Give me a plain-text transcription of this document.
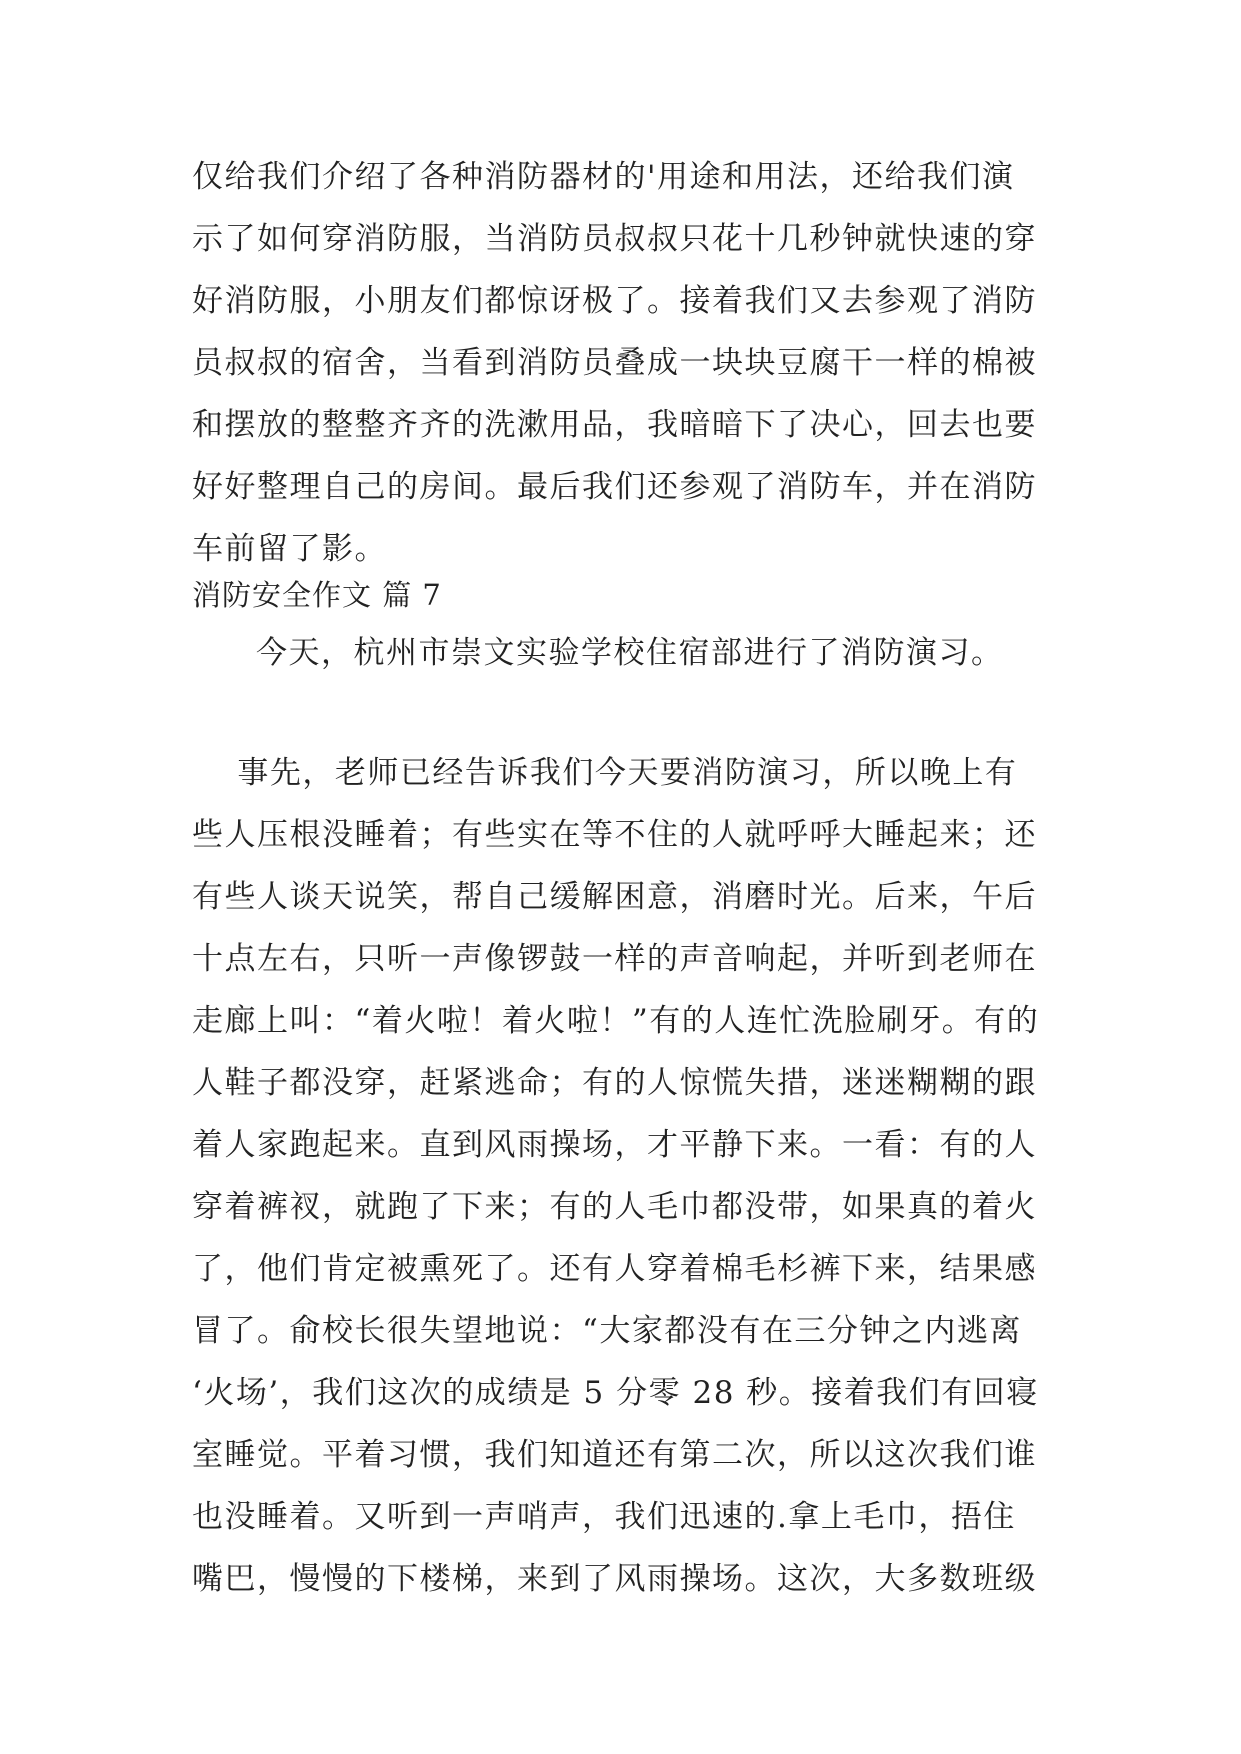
仅给我们介绍了各种消防器材的'用途和用法，还给我们演
示了如何穿消防服，当消防员叔叔只花十几秒钟就快速的穿
好消防服，小朋友们都惊讶极了。接着我们又去参观了消防
员叔叔的宿舍，当看到消防员叠成一块块豆腐干一样的棉被
和摆放的整整齐齐的洗漱用品，我暗暗下了决心，回去也要
好好整理自己的房间。最后我们还参观了消防车，并在消防
车前留了影。

消防安全作文 篇 7

今天，杭州市崇文实验学校住宿部进行了消防演习。

事先，老师已经告诉我们今天要消防演习，所以晚上有
些人压根没睡着；有些实在等不住的人就呼呼大睡起来；还
有些人谈天说笑，帮自己缓解困意，消磨时光。后来，午后
十点左右，只听一声像锣鼓一样的声音响起，并听到老师在
走廊上叫：“着火啦！着火啦！”有的人连忙洗脸刷牙。有的
人鞋子都没穿，赶紧逃命；有的人惊慌失措，迷迷糊糊的跟
着人家跑起来。直到风雨操场，才平静下来。一看：有的人
穿着裤衩，就跑了下来；有的人毛巾都没带，如果真的着火
了，他们肯定被熏死了。还有人穿着棉毛杉裤下来，结果感
冒了。俞校长很失望地说：“大家都没有在三分钟之内逃离
‘火场’，我们这次的成绩是 5 分零 28 秒。接着我们有回寝
室睡觉。平着习惯，我们知道还有第二次，所以这次我们谁
也没睡着。又听到一声哨声，我们迅速的.拿上毛巾，捂住
嘴巴，慢慢的下楼梯，来到了风雨操场。这次，大多数班级
